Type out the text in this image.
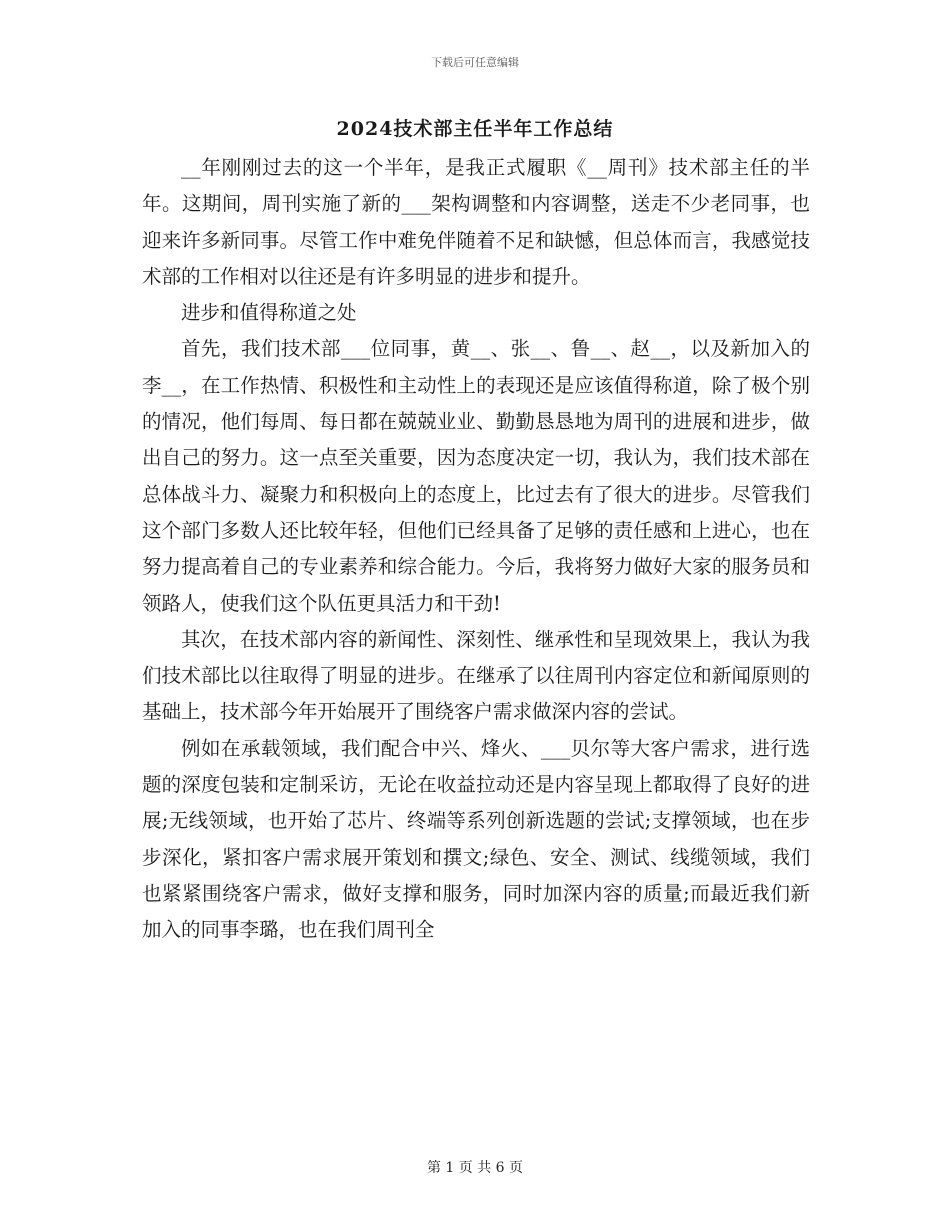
下载后可任意编辑
2024技术部主任半年工作总结

__年刚刚过去的这一个半年，是我正式履职《__周刊》技术部主任的半年。这期间，周刊实施了新的___架构调整和内容调整，送走不少老同事，也迎来许多新同事。尽管工作中难免伴随着不足和缺憾，但总体而言，我感觉技术部的工作相对以往还是有许多明显的进步和提升。

进步和值得称道之处

首先，我们技术部___位同事，黄__、张__、鲁__、赵__，以及新加入的李__，在工作热情、积极性和主动性上的表现还是应该值得称道，除了极个别的情况，他们每周、每日都在兢兢业业、勤勤恳恳地为周刊的进展和进步，做出自己的努力。这一点至关重要，因为态度决定一切，我认为，我们技术部在总体战斗力、凝聚力和积极向上的态度上，比过去有了很大的进步。尽管我们这个部门多数人还比较年轻，但他们已经具备了足够的责任感和上进心，也在努力提高着自己的专业素养和综合能力。今后，我将努力做好大家的服务员和领路人，使我们这个队伍更具活力和干劲!

其次，在技术部内容的新闻性、深刻性、继承性和呈现效果上，我认为我们技术部比以往取得了明显的进步。在继承了以往周刊内容定位和新闻原则的基础上，技术部今年开始展开了围绕客户需求做深内容的尝试。

例如在承载领域，我们配合中兴、烽火、___贝尔等大客户需求，进行选题的深度包装和定制采访，无论在收益拉动还是内容呈现上都取得了良好的进展;无线领域，也开始了芯片、终端等系列创新选题的尝试;支撑领域，也在步步深化，紧扣客户需求展开策划和撰文;绿色、安全、测试、线缆领域，我们也紧紧围绕客户需求，做好支撑和服务，同时加深内容的质量;而最近我们新加入的同事李璐，也在我们周刊全

第 1 页 共 6 页
